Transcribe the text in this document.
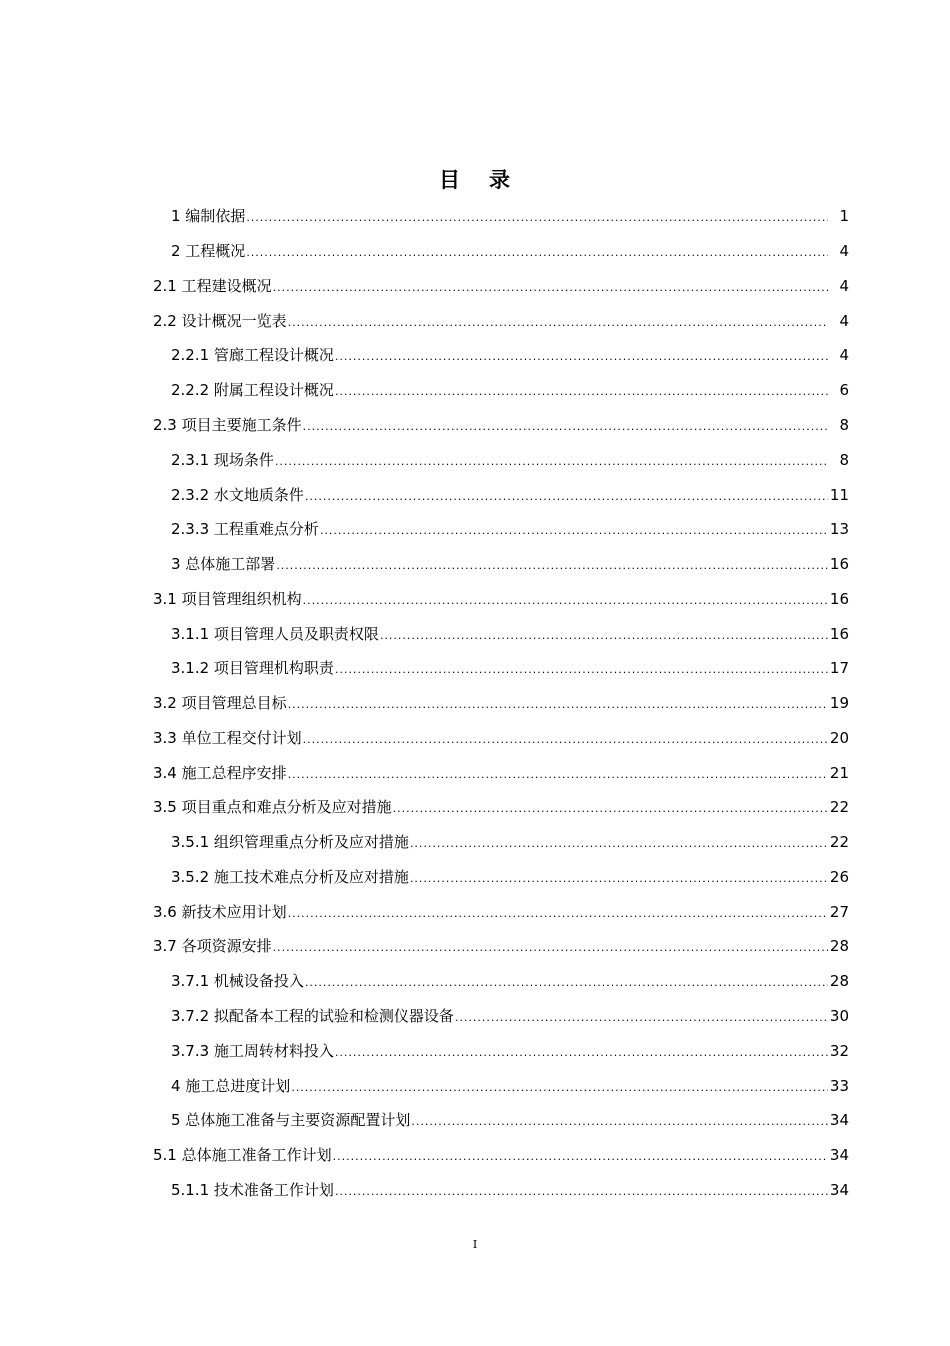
目 录
1 编制依据 .....	1
2 工程概况 .....	4
2.1 工程建设概况 .....	4
2.2 设计概况一览表 .....	4
2.2.1 管廊工程设计概况 .....	4
2.2.2 附属工程设计概况 .....	6
2.3 项目主要施工条件 .....	8
2.3.1 现场条件 .....	8
2.3.2 水文地质条件 .....	11
2.3.3 工程重难点分析 .....	13
3 总体施工部署 .....	16
3.1 项目管理组织机构 .....	16
3.1.1 项目管理人员及职责权限 .....	16
3.1.2 项目管理机构职责 .....	17
3.2 项目管理总目标 .....	19
3.3 单位工程交付计划 .....	20
3.4 施工总程序安排 .....	21
3.5 项目重点和难点分析及应对措施 .....	22
3.5.1 组织管理重点分析及应对措施 .....	22
3.5.2 施工技术难点分析及应对措施 .....	26
3.6 新技术应用计划 .....	27
3.7 各项资源安排 .....	28
3.7.1 机械设备投入 .....	28
3.7.2 拟配备本工程的试验和检测仪器设备 .....	30
3.7.3 施工周转材料投入 .....	32
4 施工总进度计划 .....	33
5 总体施工准备与主要资源配置计划 .....	34
5.1 总体施工准备工作计划 .....	34
5.1.1 技术准备工作计划 .....	34
I
